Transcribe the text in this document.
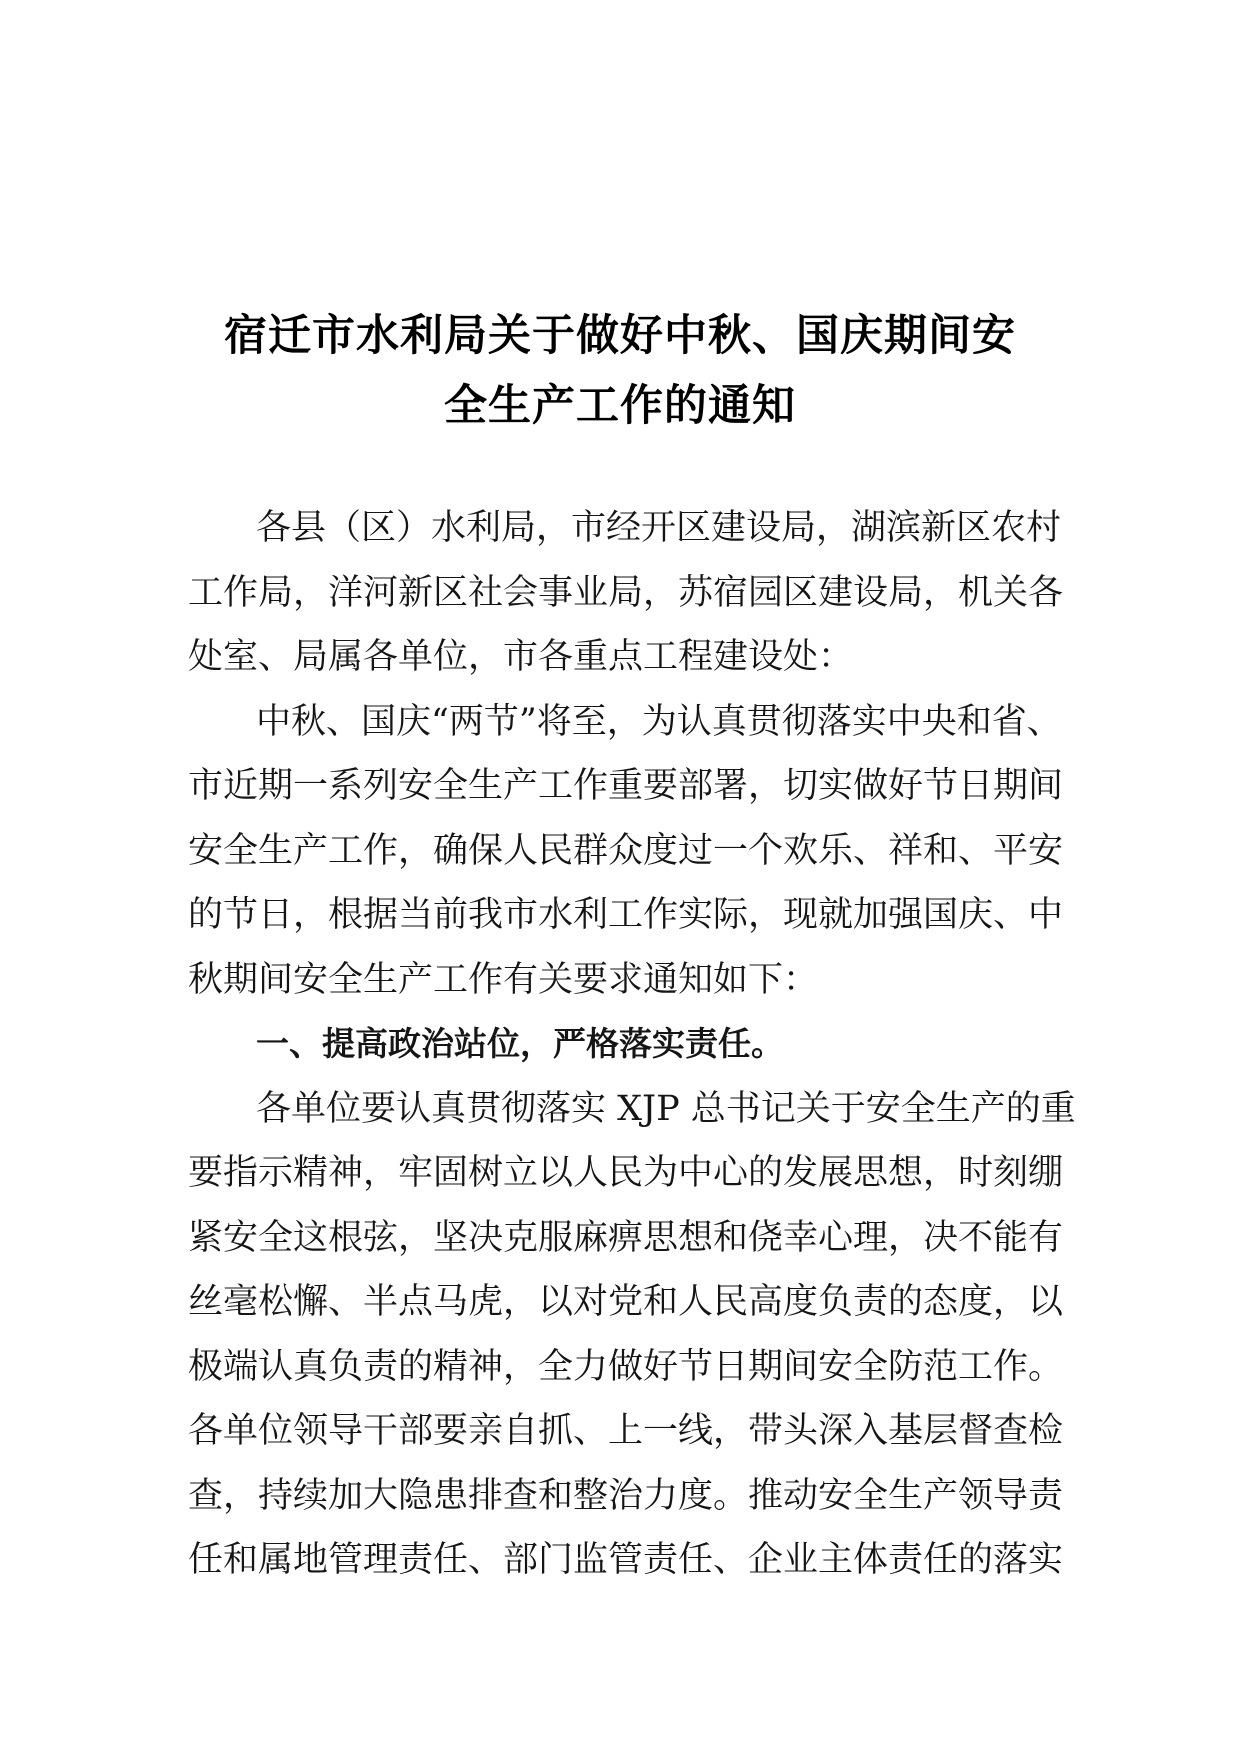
宿迁市水利局关于做好中秋、国庆期间安
全生产工作的通知
各县（区）水利局，市经开区建设局，湖滨新区农村
工作局，洋河新区社会事业局，苏宿园区建设局，机关各
处室、局属各单位，市各重点工程建设处：
中秋、国庆“两节”将至，为认真贯彻落实中央和省、
市近期一系列安全生产工作重要部署，切实做好节日期间
安全生产工作，确保人民群众度过一个欢乐、祥和、平安
的节日，根据当前我市水利工作实际，现就加强国庆、中
秋期间安全生产工作有关要求通知如下：
一、提高政治站位，严格落实责任。
各单位要认真贯彻落实 XJP 总书记关于安全生产的重
要指示精神，牢固树立以人民为中心的发展思想，时刻绷
紧安全这根弦，坚决克服麻痹思想和侥幸心理，决不能有
丝毫松懈、半点马虎，以对党和人民高度负责的态度，以
极端认真负责的精神，全力做好节日期间安全防范工作。
各单位领导干部要亲自抓、上一线，带头深入基层督查检
查，持续加大隐患排查和整治力度。推动安全生产领导责
任和属地管理责任、部门监管责任、企业主体责任的落实
